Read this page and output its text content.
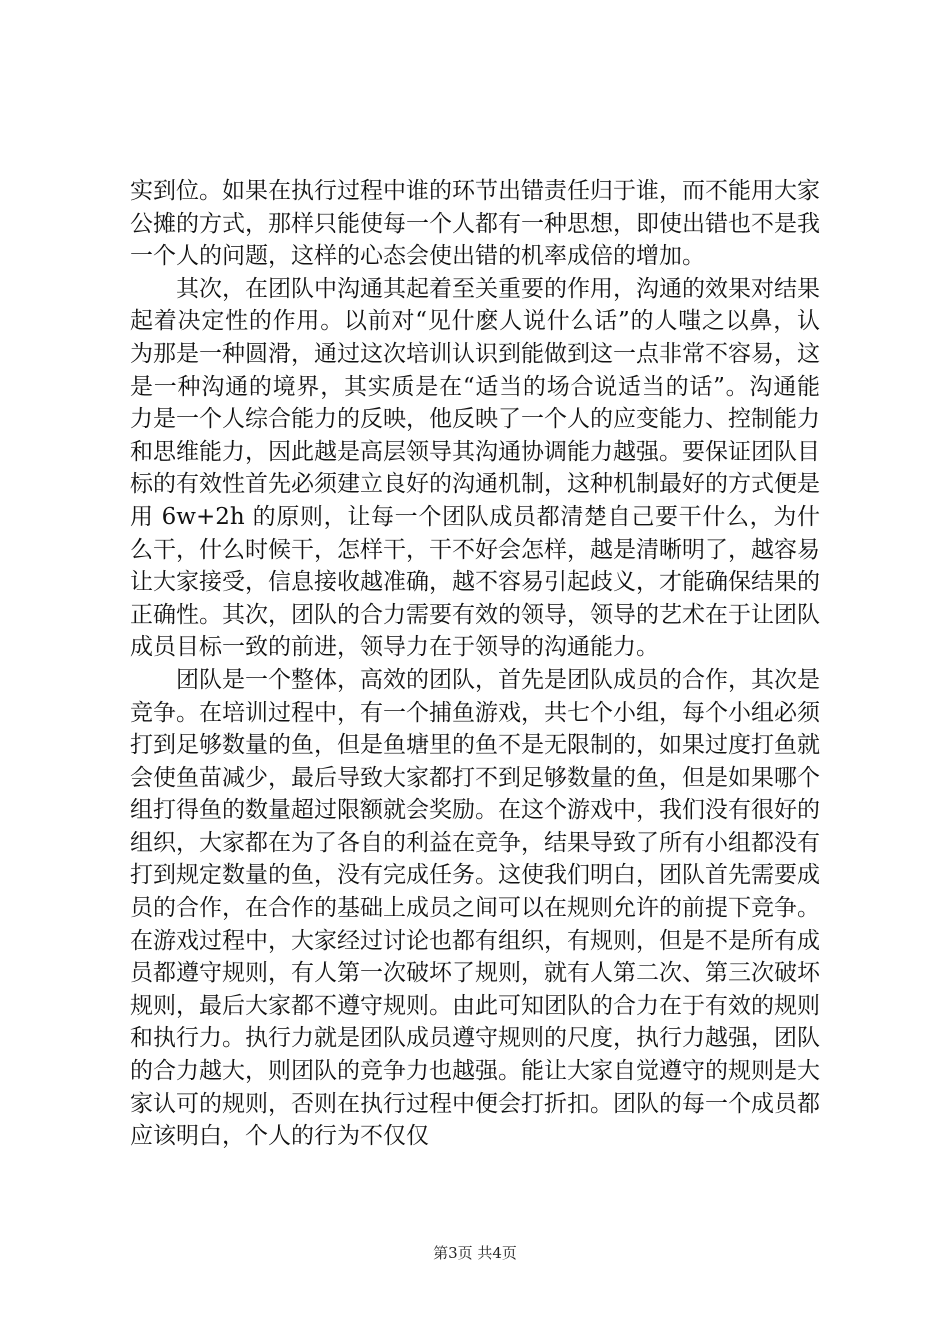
实到位。如果在执行过程中谁的环节出错责任归于谁，而不能用大家公摊的方式，那样只能使每一个人都有一种思想，即使出错也不是我一个人的问题，这样的心态会使出错的机率成倍的增加。

其次，在团队中沟通其起着至关重要的作用，沟通的效果对结果起着决定性的作用。以前对“见什麽人说什么话”的人嗤之以鼻，认为那是一种圆滑，通过这次培训认识到能做到这一点非常不容易，这是一种沟通的境界，其实质是在“适当的场合说适当的话”。沟通能力是一个人综合能力的反映，他反映了一个人的应变能力、控制能力和思维能力，因此越是高层领导其沟通协调能力越强。要保证团队目标的有效性首先必须建立良好的沟通机制，这种机制最好的方式便是用 6w+2h 的原则，让每一个团队成员都清楚自己要干什么，为什么干，什么时候干，怎样干，干不好会怎样，越是清晰明了，越容易让大家接受，信息接收越准确，越不容易引起歧义，才能确保结果的正确性。其次，团队的合力需要有效的领导，领导的艺术在于让团队成员目标一致的前进，领导力在于领导的沟通能力。

团队是一个整体，高效的团队，首先是团队成员的合作，其次是竞争。在培训过程中，有一个捕鱼游戏，共七个小组，每个小组必须打到足够数量的鱼，但是鱼塘里的鱼不是无限制的，如果过度打鱼就会使鱼苗减少，最后导致大家都打不到足够数量的鱼，但是如果哪个组打得鱼的数量超过限额就会奖励。在这个游戏中，我们没有很好的组织，大家都在为了各自的利益在竞争，结果导致了所有小组都没有打到规定数量的鱼，没有完成任务。这使我们明白，团队首先需要成员的合作，在合作的基础上成员之间可以在规则允许的前提下竞争。在游戏过程中，大家经过讨论也都有组织，有规则，但是不是所有成员都遵守规则，有人第一次破坏了规则，就有人第二次、第三次破坏规则，最后大家都不遵守规则。由此可知团队的合力在于有效的规则和执行力。执行力就是团队成员遵守规则的尺度，执行力越强，团队的合力越大，则团队的竞争力也越强。能让大家自觉遵守的规则是大家认可的规则，否则在执行过程中便会打折扣。团队的每一个成员都应该明白，个人的行为不仅仅

第3页 共4页
